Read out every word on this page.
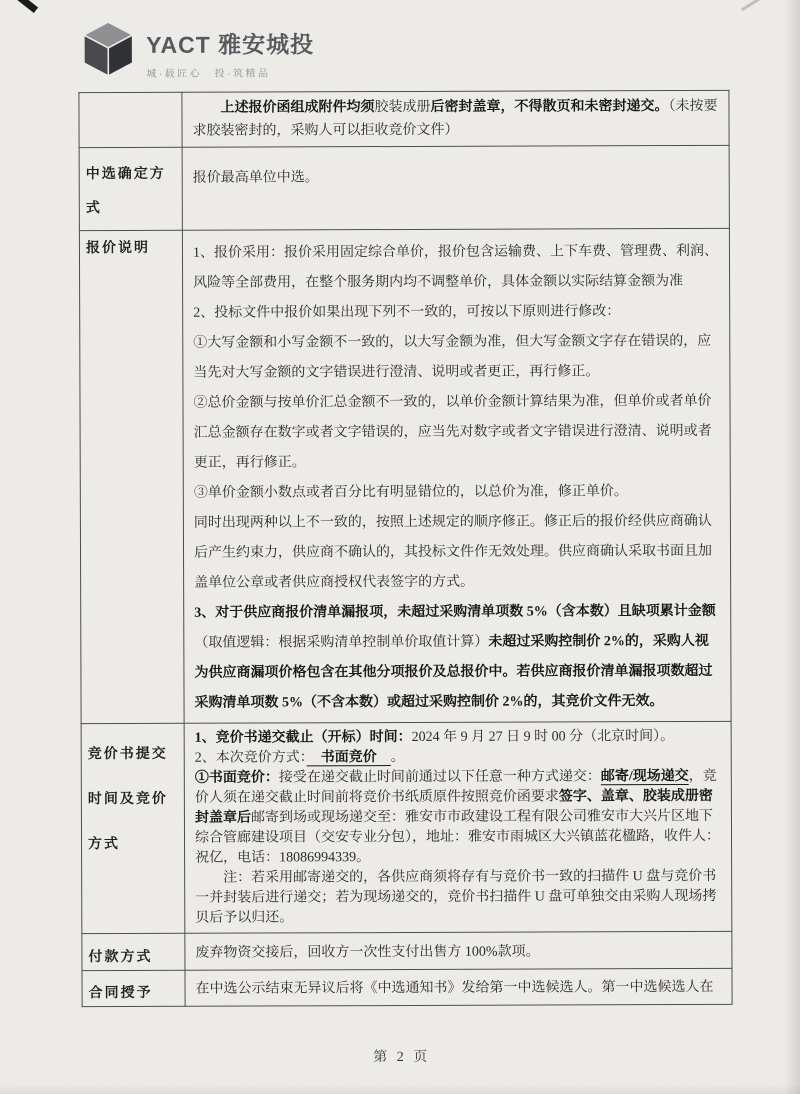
YACT 雅安城投
城·载匠心　投·筑精品

	上述报价函组成附件均须胶装成册后密封盖章，不得散页和未密封递交。（未按要求胶装密封的，采购人可以拒收竞价文件）

中选确定方式	报价最高单位中选。

报价说明	1、报价采用：报价采用固定综合单价，报价包含运输费、上下车费、管理费、利润、风险等全部费用，在整个服务期内均不调整单价，具体金额以实际结算金额为准
2、投标文件中报价如果出现下列不一致的，可按以下原则进行修改：
①大写金额和小写金额不一致的，以大写金额为准，但大写金额文字存在错误的，应当先对大写金额的文字错误进行澄清、说明或者更正，再行修正。
②总价金额与按单价汇总金额不一致的，以单价金额计算结果为准，但单价或者单价汇总金额存在数字或者文字错误的，应当先对数字或者文字错误进行澄清、说明或者更正，再行修正。
③单价金额小数点或者百分比有明显错位的，以总价为准，修正单价。
同时出现两种以上不一致的，按照上述规定的顺序修正。修正后的报价经供应商确认后产生约束力，供应商不确认的，其投标文件作无效处理。供应商确认采取书面且加盖单位公章或者供应商授权代表签字的方式。
3、对于供应商报价清单漏报项，未超过采购清单项数 5%（含本数）且缺项累计金额（取值逻辑：根据采购清单控制单价取值计算）未超过采购控制价 2%的，采购人视为供应商漏项价格包含在其他分项报价及总报价中。若供应商报价清单漏报项数超过采购清单项数 5%（不含本数）或超过采购控制价 2%的，其竞价文件无效。

竞价书提交时间及竞价方式	1、竞价书递交截止（开标）时间：2024 年 9 月 27 日 9 时 00 分（北京时间）。
2、本次竞价方式：　书面竞价　。
①书面竞价：接受在递交截止时间前通过以下任意一种方式递交：邮寄/现场递交，竞价人须在递交截止时间前将竞价书纸质原件按照竞价函要求签字、盖章、胶装成册密封盖章后邮寄到场或现场递交至：雅安市市政建设工程有限公司雅安市大兴片区地下综合管廊建设项目（交安专业分包），地址：雅安市雨城区大兴镇蓝花楹路，收件人：祝亿，电话：18086994339。
注：若采用邮寄递交的，各供应商须将存有与竞价书一致的扫描件 U 盘与竞价书一并封装后进行递交；若为现场递交的，竞价书扫描件 U 盘可单独交由采购人现场拷贝后予以归还。

付款方式	废弃物资交接后，回收方一次性支付出售方 100%款项。

合同授予	在中选公示结束无异议后将《中选通知书》发给第一中选候选人。第一中选候选人在
第 2 页
